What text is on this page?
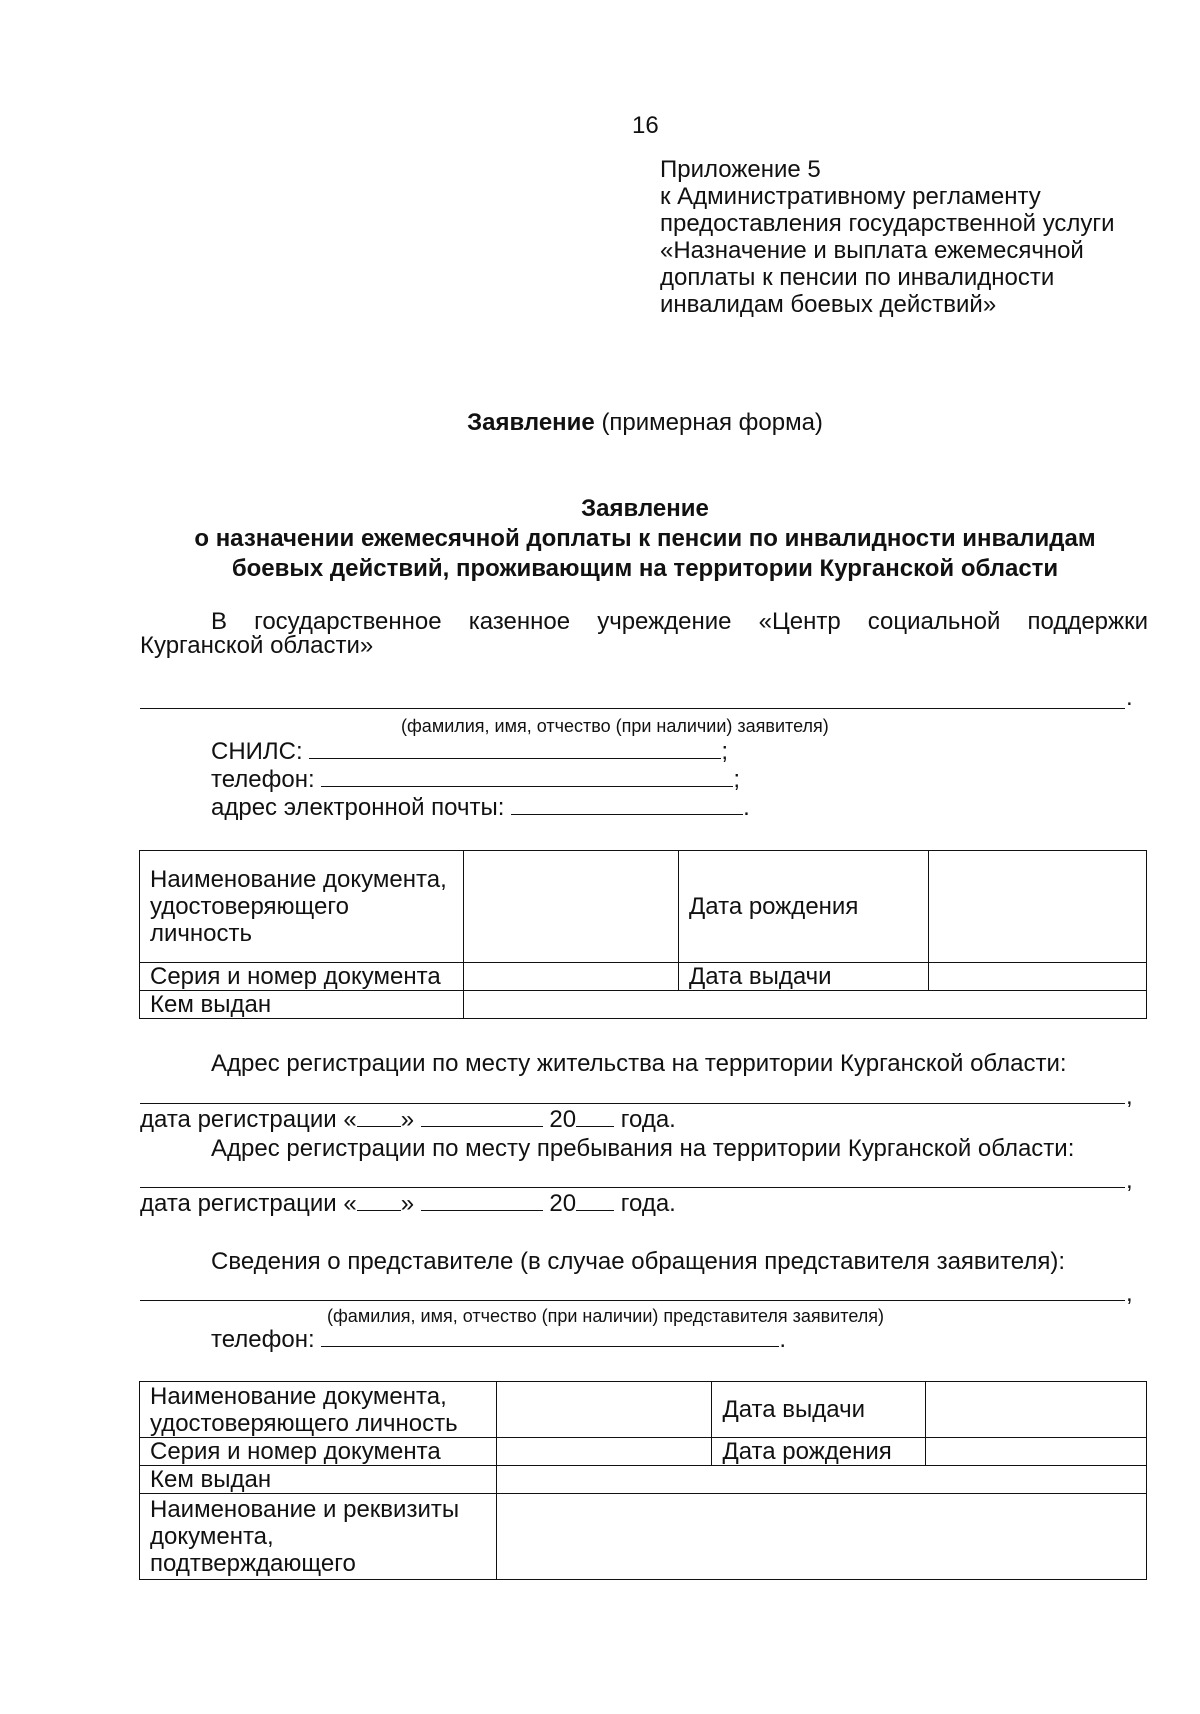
16
Приложение 5
к Административному регламенту
предоставления государственной услуги
«Назначение и выплата ежемесячной
доплаты к пенсии по инвалидности
инвалидам боевых действий»
Заявление (примерная форма)
Заявление
о назначении ежемесячной доплаты к пенсии по инвалидности инвалидам
боевых действий, проживающим на территории Курганской области
В государственное казенное учреждение «Центр социальной поддержки
Курганской области»
.
(фамилия, имя, отчество (при наличии) заявителя)
СНИЛС:	;
телефон:	;
адрес электронной почты:	.
Наименование документа, удостоверяющего личность		Дата рождения	
Серия и номер документа		Дата выдачи	
Кем выдан			
Адрес регистрации по месту жительства на территории Курганской области:
,
дата регистрации « »	20 года.
Адрес регистрации по месту пребывания на территории Курганской области:
,
дата регистрации « »	20 года.
Сведения о представителе (в случае обращения представителя заявителя):
,
(фамилия, имя, отчество (при наличии) представителя заявителя)
телефон:	.
Наименование документа, удостоверяющего личность		Дата выдачи	
Серия и номер документа		Дата рождения	
Кем выдан			
Наименование и реквизиты документа, подтверждающего			
